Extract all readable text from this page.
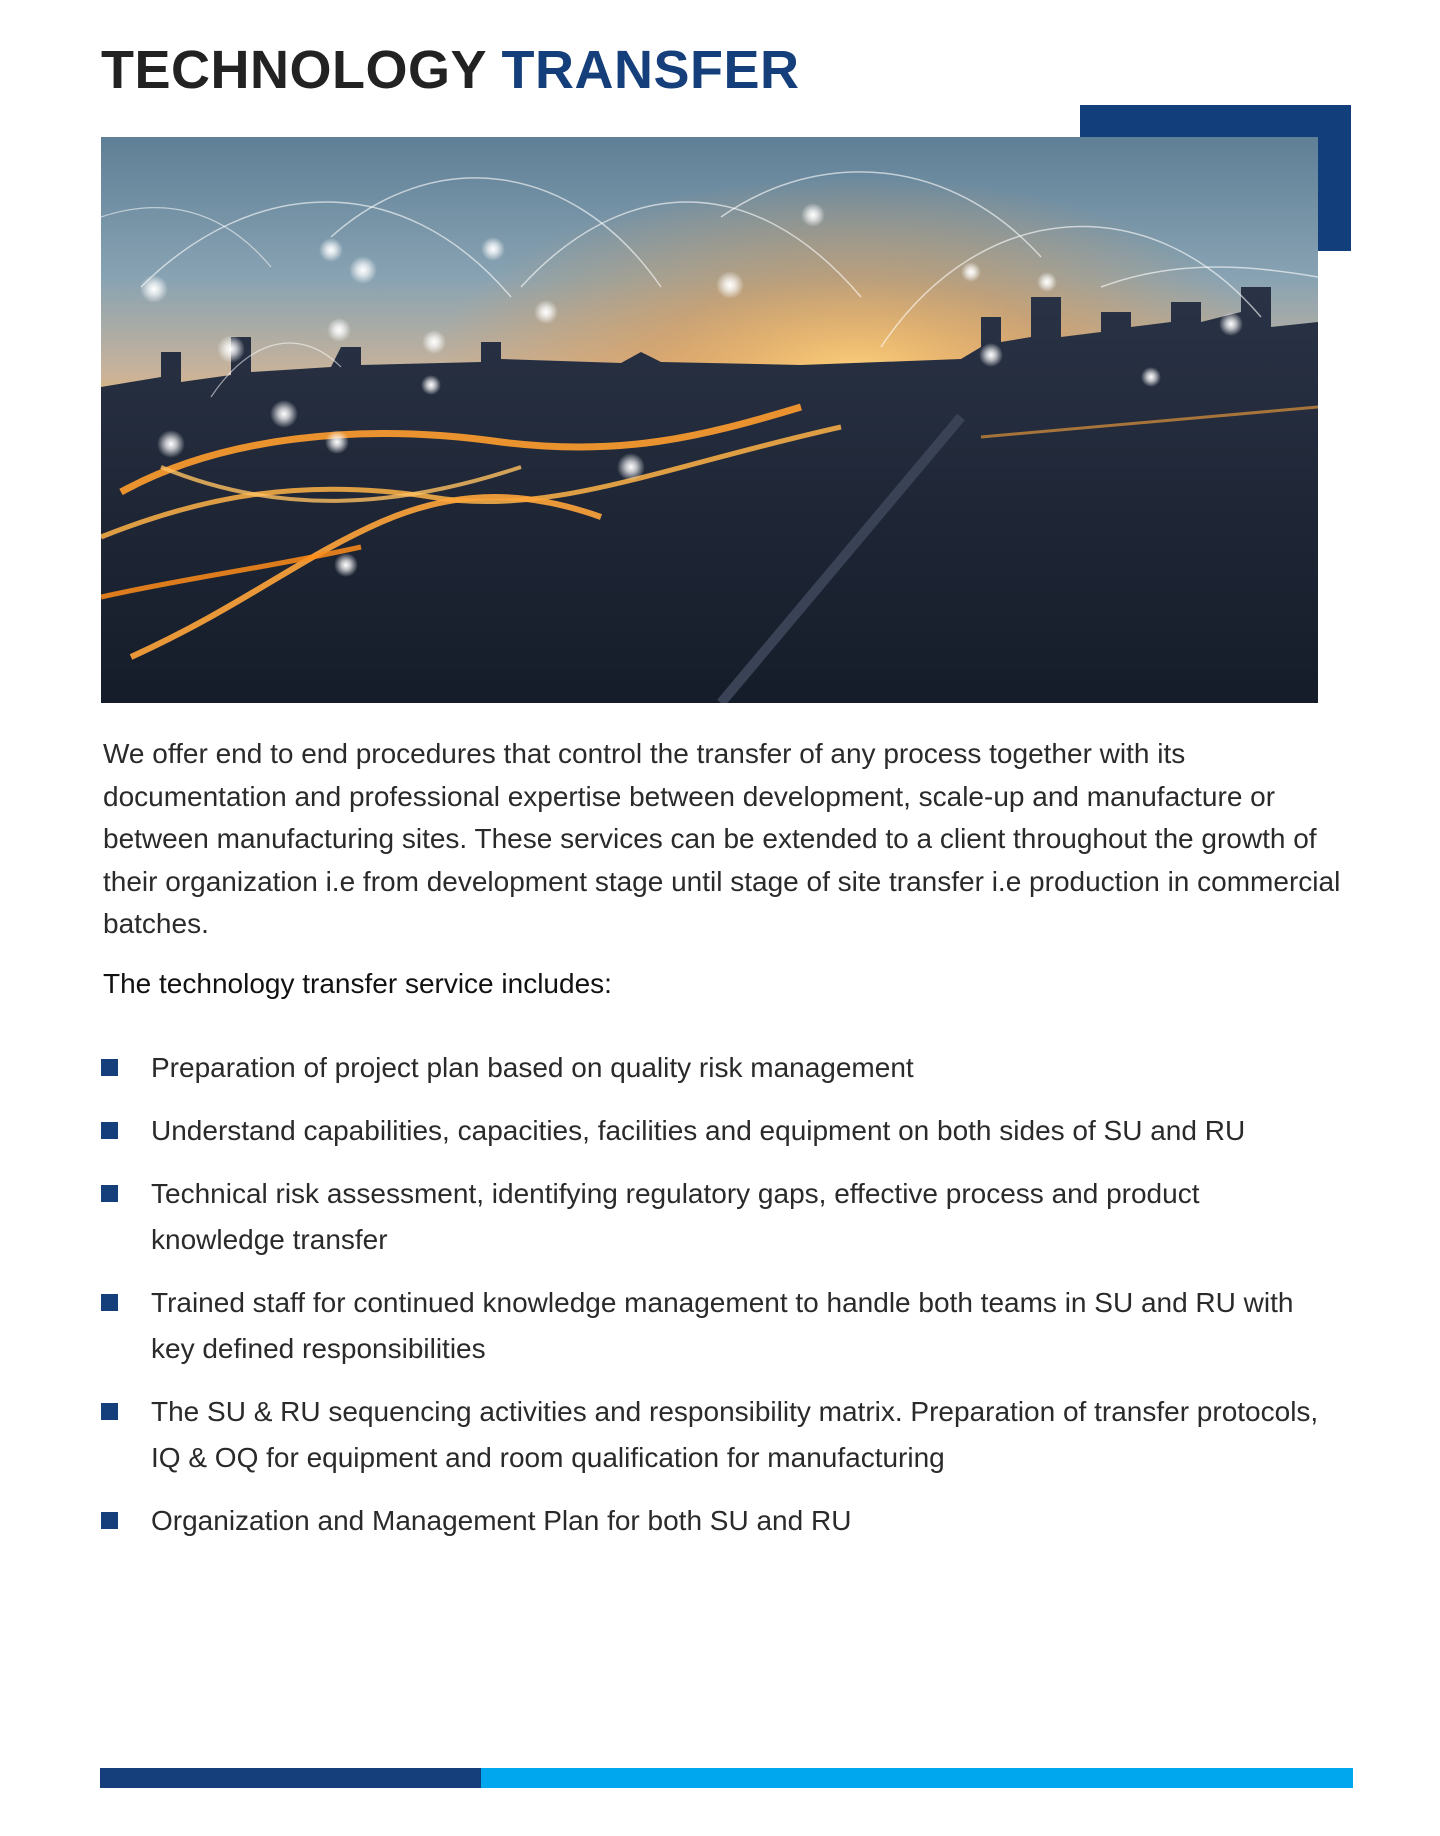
TECHNOLOGY TRANSFER

We offer end to end procedures that control the transfer of any process together with its documentation and professional expertise between development, scale-up and manufacture or between manufacturing sites. These services can be extended to a client throughout the growth of their organization i.e from development stage until stage of site transfer i.e production in commercial batches.

The technology transfer service includes:

Preparation of project plan based on quality risk management
Understand capabilities, capacities, facilities and equipment on both sides of SU and RU
Technical risk assessment, identifying regulatory gaps, effective process and product knowledge transfer
Trained staff for continued knowledge management to handle both teams in SU and RU with key defined responsibilities
The SU & RU sequencing activities and responsibility matrix. Preparation of transfer protocols, IQ & OQ for equipment and room qualification for manufacturing
Organization and Management Plan for both SU and RU
